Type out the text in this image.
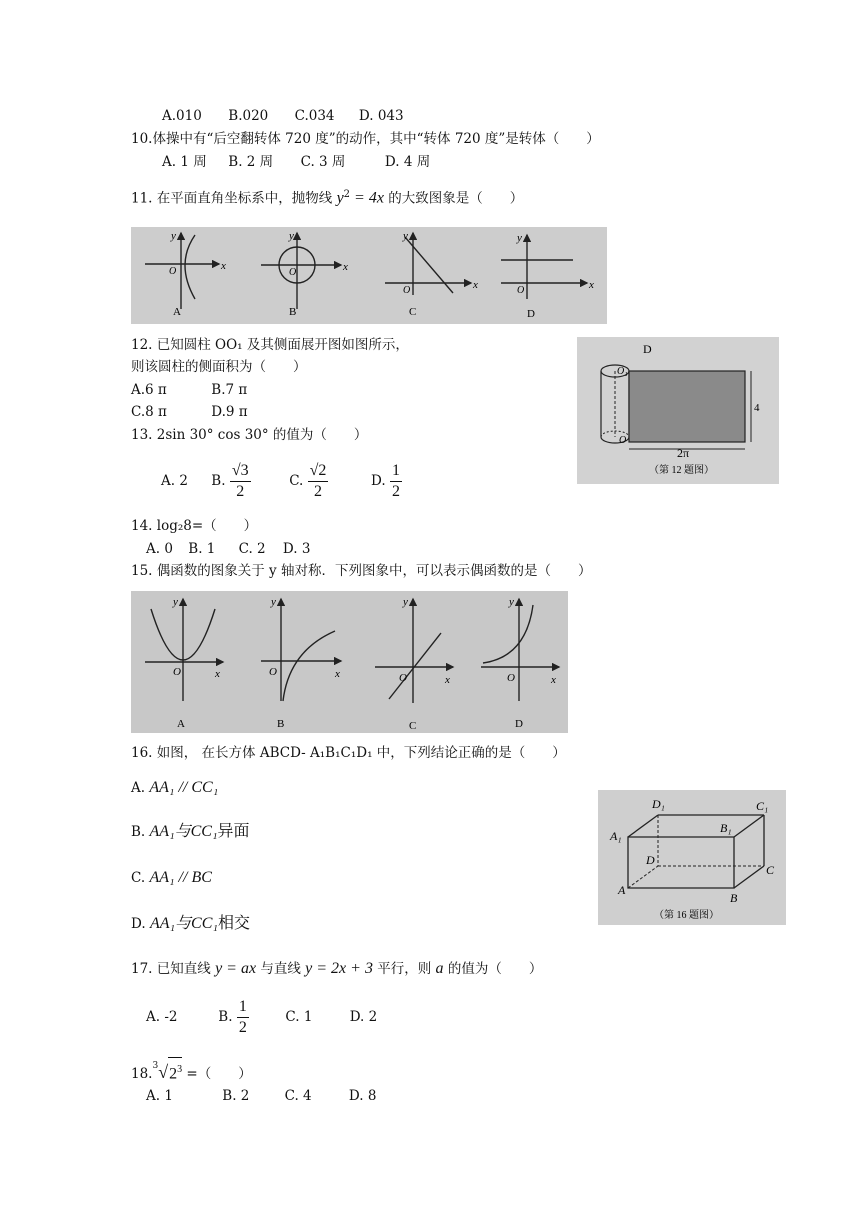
A.010 B.020 C.034 D. 043
10.体操中有“后空翻转体 720 度”的动作，其中“转体 720 度”是转体（　　）
A. 1 周 B. 2 周 C. 3 周	D. 4 周
11. 在平面直角坐标系中，抛物线 $y^2 = 4x$ 的大致图象是（　　）
x
y
O
A
x
y
O
B
x
y
O
C
x
y
O
D
12. 已知圆柱 OO₁ 及其侧面展开图如图所示，
则该圆柱的侧面积为（　　）
A.6 π	B.7 π
C.8 π	D.9 π
D
O₁
O
4
2π
（第 12 题图）
13. 2sin 30° cos 30° 的值为（　　）
A. 2 B. $\frac{√3}{2}$	C. $\frac{√2}{2}$	D. $\frac{1}{2}$
14. log₂8=（　　）
A. 0 B. 1 C. 2 D. 3
15. 偶函数的图象关于 y 轴对称．下列图象中，可以表示偶函数的是（　　）
x
y
O
A
x
y
O
B
x
y
O
C
x
y
O
D
16. 如图， 在长方体 ABCD- A₁B₁C₁D₁ 中，下列结论正确的是（　　）
A. AA₁ // CC₁
B. AA₁与CC₁异面
C. AA₁ // BC
D. AA₁与CC₁相交
D₁	C₁
A₁
B₁
D
C
A
B
（第 16 题图）
17. 已知直线 y = ax 与直线 y = 2x + 3 平行，则 a 的值为（　　）
A. -2	B. $\frac{1}{2}$	C. 1	D. 2
$18.^3√2^3$ =（　　）
A. 1	B. 2	C. 4	D. 8
